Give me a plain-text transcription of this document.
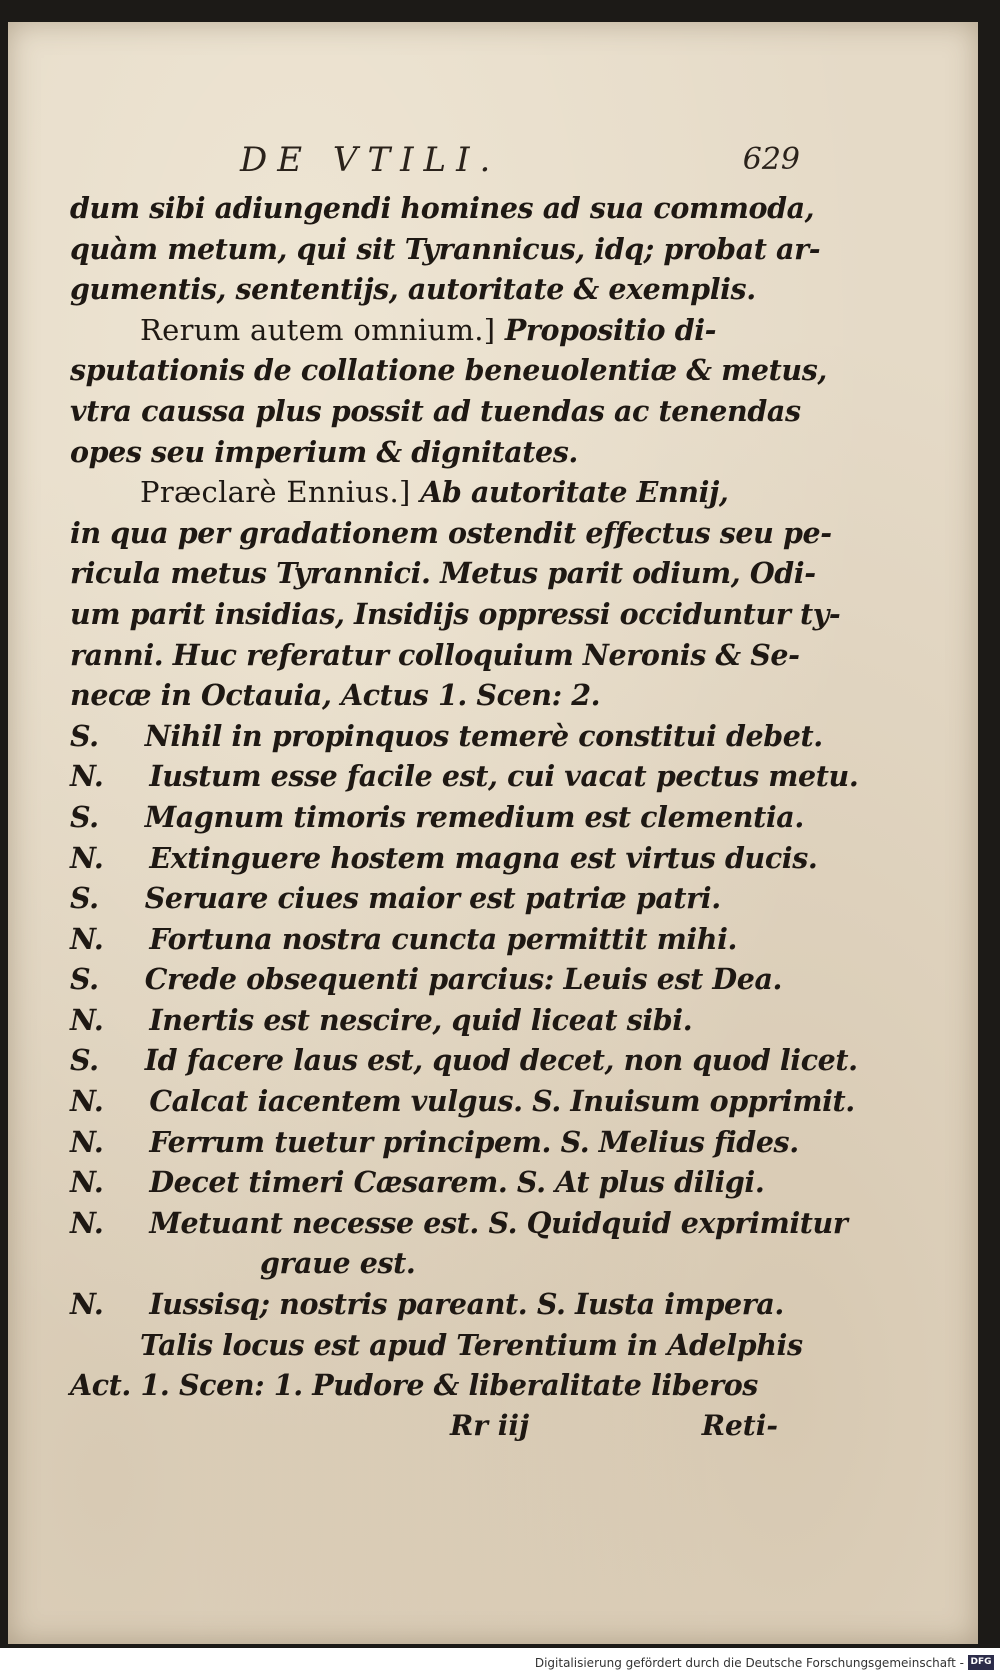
DE VTILI.	629
dum sibi adiungendi homines ad sua commoda,
quàm metum, qui sit Tyrannicus, idq; probat ar-
gumentis, sententijs, autoritate & exemplis.
Rerum autem omnium.] Propositio di-
sputationis de collatione beneuolentiæ & metus,
vtra caussa plus possit ad tuendas ac tenendas
opes seu imperium & dignitates.
Præclarè Ennius.] Ab autoritate Ennij,
in qua per gradationem ostendit effectus seu pe-
ricula metus Tyrannici. Metus parit odium, Odi-
um parit insidias, Insidijs oppressi occiduntur ty-
ranni. Huc referatur colloquium Neronis & Se-
necæ in Octauia, Actus 1. Scen: 2.
S. Nihil in propinquos temerè constitui debet.
N. Iustum esse facile est, cui vacat pectus metu.
S. Magnum timoris remedium est clementia.
N. Extinguere hostem magna est virtus ducis.
S. Seruare ciues maior est patriæ patri.
N. Fortuna nostra cuncta permittit mihi.
S. Crede obsequenti parcius: Leuis est Dea.
N. Inertis est nescire, quid liceat sibi.
S. Id facere laus est, quod decet, non quod licet.
N. Calcat iacentem vulgus. S. Inuisum opprimit.
N. Ferrum tuetur principem. S. Melius fides.
N. Decet timeri Cæsarem. S. At plus diligi.
N. Metuant necesse est. S. Quidquid exprimitur
graue est.
N. Iussisq; nostris pareant. S. Iusta impera.
Talis locus est apud Terentium in Adelphis
Act. 1. Scen: 1. Pudore & liberalitate liberos
Rr iij	Reti-
Digitalisierung gefördert durch die Deutsche Forschungsgemeinschaft - DFG
